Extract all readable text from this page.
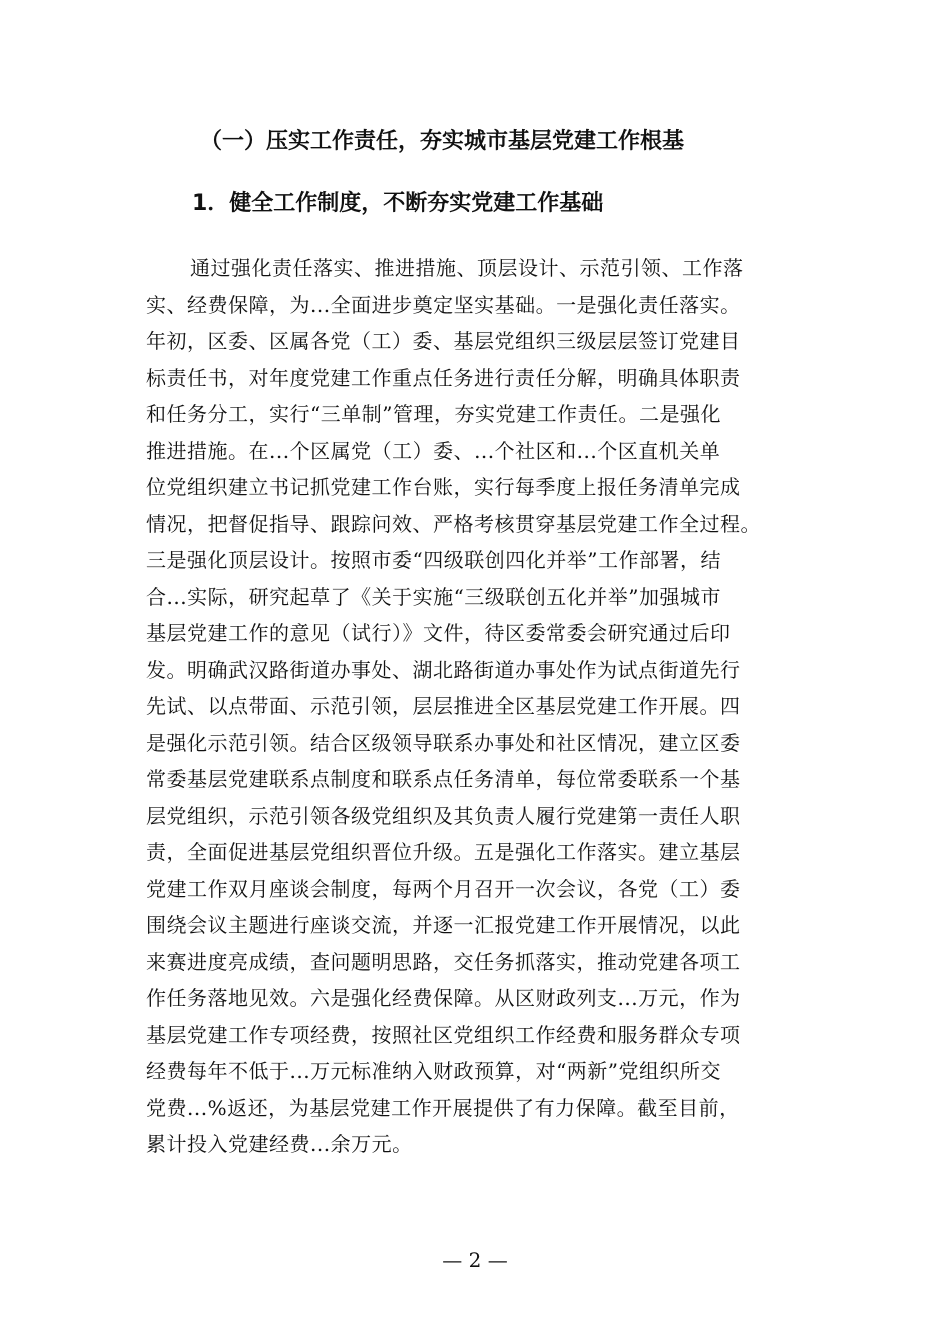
（一）压实工作责任，夯实城市基层党建工作根基
1．健全工作制度，不断夯实党建工作基础
通过强化责任落实、推进措施、顶层设计、示范引领、工作落
实、经费保障，为...全面进步奠定坚实基础。一是强化责任落实。
年初，区委、区属各党（工）委、基层党组织三级层层签订党建目
标责任书，对年度党建工作重点任务进行责任分解，明确具体职责
和任务分工，实行“三单制”管理，夯实党建工作责任。二是强化
推进措施。在...个区属党（工）委、...个社区和...个区直机关单
位党组织建立书记抓党建工作台账，实行每季度上报任务清单完成
情况，把督促指导、跟踪问效、严格考核贯穿基层党建工作全过程。
三是强化顶层设计。按照市委“四级联创四化并举”工作部署，结
合...实际，研究起草了《关于实施“三级联创五化并举”加强城市
基层党建工作的意见（试行）》文件，待区委常委会研究通过后印
发。明确武汉路街道办事处、湖北路街道办事处作为试点街道先行
先试、以点带面、示范引领，层层推进全区基层党建工作开展。四
是强化示范引领。结合区级领导联系办事处和社区情况，建立区委
常委基层党建联系点制度和联系点任务清单，每位常委联系一个基
层党组织，示范引领各级党组织及其负责人履行党建第一责任人职
责，全面促进基层党组织晋位升级。五是强化工作落实。建立基层
党建工作双月座谈会制度，每两个月召开一次会议，各党（工）委
围绕会议主题进行座谈交流，并逐一汇报党建工作开展情况，以此
来赛进度亮成绩，查问题明思路，交任务抓落实，推动党建各项工
作任务落地见效。六是强化经费保障。从区财政列支...万元，作为
基层党建工作专项经费，按照社区党组织工作经费和服务群众专项
经费每年不低于...万元标准纳入财政预算，对“两新”党组织所交
党费...%返还，为基层党建工作开展提供了有力保障。截至目前，
累计投入党建经费...余万元。
— 2 —
